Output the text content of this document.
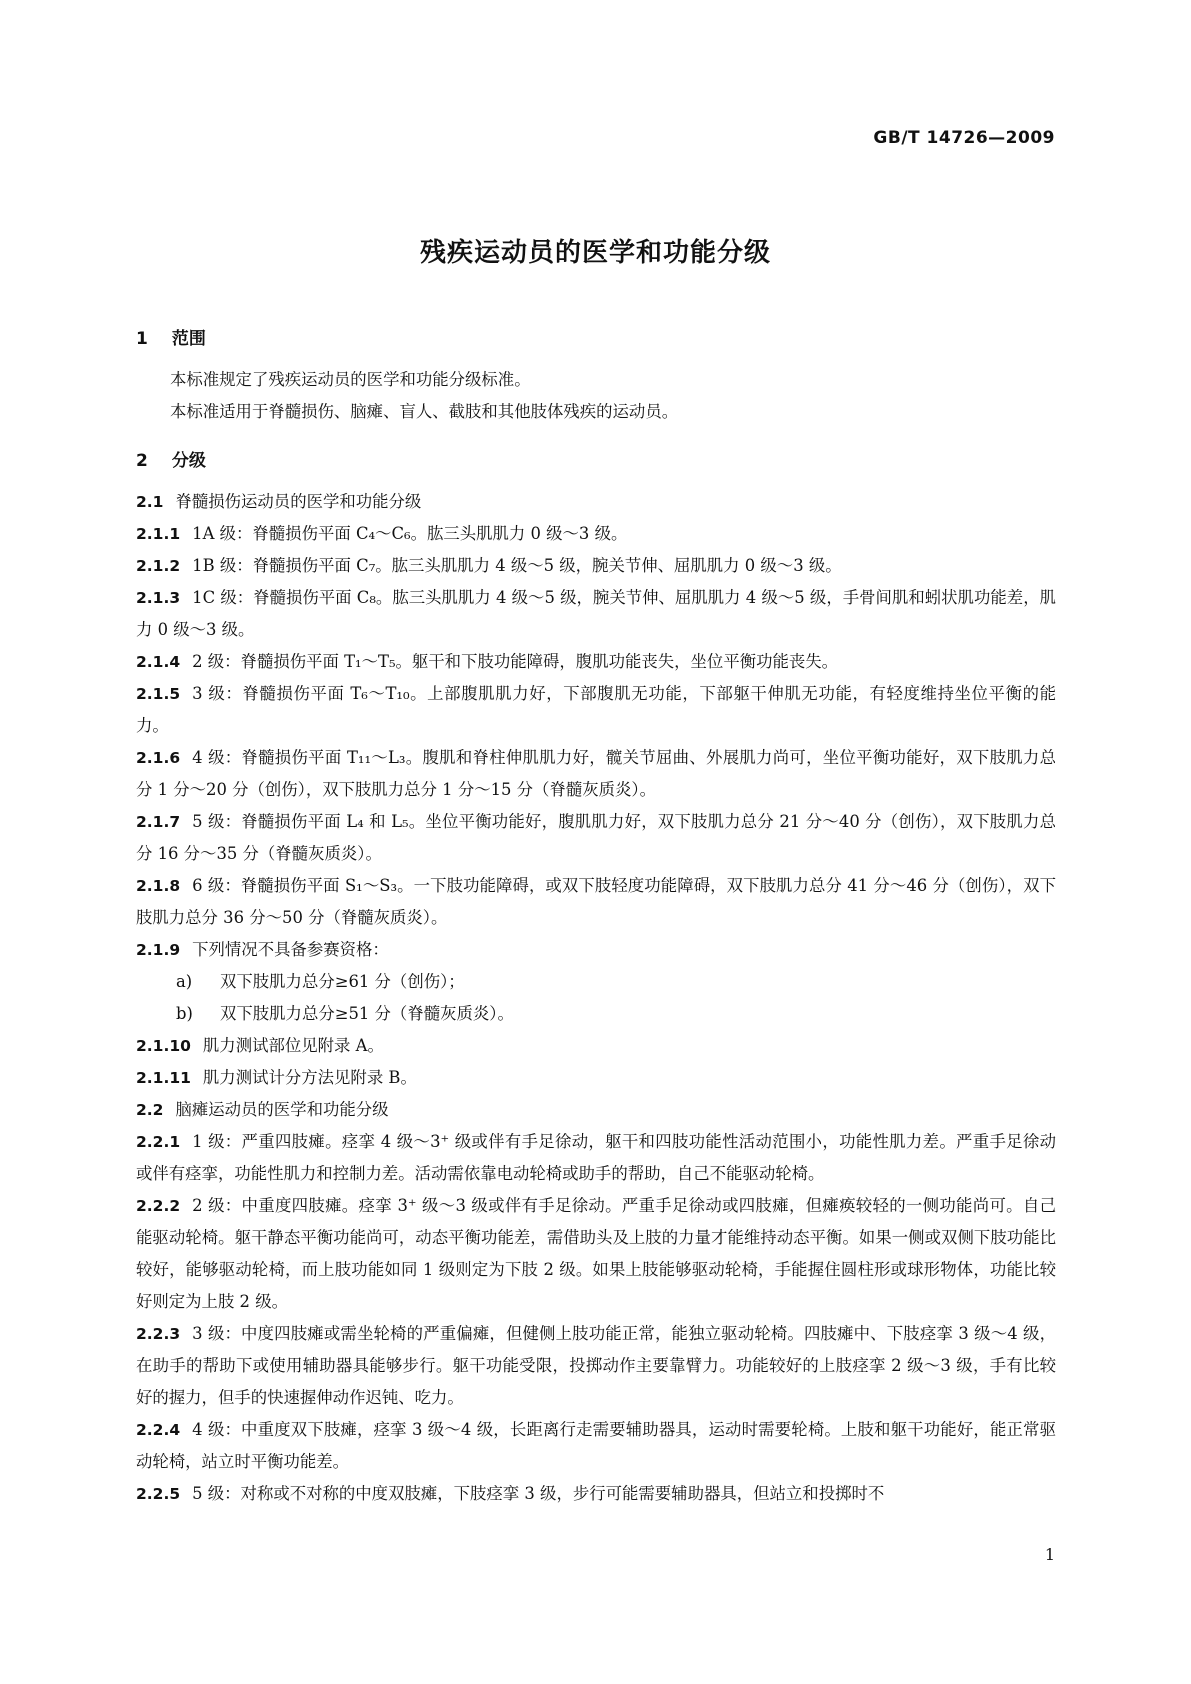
GB/T 14726—2009
残疾运动员的医学和功能分级
1 范围

本标准规定了残疾运动员的医学和功能分级标准。

本标准适用于脊髓损伤、脑瘫、盲人、截肢和其他肢体残疾的运动员。

2 分级

2.1 脊髓损伤运动员的医学和功能分级

2.1.1 1A 级：脊髓损伤平面 C₄～C₆。肱三头肌肌力 0 级～3 级。

2.1.2 1B 级：脊髓损伤平面 C₇。肱三头肌肌力 4 级～5 级，腕关节伸、屈肌肌力 0 级～3 级。

2.1.3 1C 级：脊髓损伤平面 C₈。肱三头肌肌力 4 级～5 级，腕关节伸、屈肌肌力 4 级～5 级，手骨间肌和蚓状肌功能差，肌力 0 级～3 级。

2.1.4 2 级：脊髓损伤平面 T₁～T₅。躯干和下肢功能障碍，腹肌功能丧失，坐位平衡功能丧失。

2.1.5 3 级：脊髓损伤平面 T₆～T₁₀。上部腹肌肌力好，下部腹肌无功能，下部躯干伸肌无功能，有轻度维持坐位平衡的能力。

2.1.6 4 级：脊髓损伤平面 T₁₁～L₃。腹肌和脊柱伸肌肌力好，髋关节屈曲、外展肌力尚可，坐位平衡功能好，双下肢肌力总分 1 分～20 分（创伤），双下肢肌力总分 1 分～15 分（脊髓灰质炎）。

2.1.7 5 级：脊髓损伤平面 L₄ 和 L₅。坐位平衡功能好，腹肌肌力好，双下肢肌力总分 21 分～40 分（创伤），双下肢肌力总分 16 分～35 分（脊髓灰质炎）。

2.1.8 6 级：脊髓损伤平面 S₁～S₃。一下肢功能障碍，或双下肢轻度功能障碍，双下肢肌力总分 41 分～46 分（创伤），双下肢肌力总分 36 分～50 分（脊髓灰质炎）。

2.1.9 下列情况不具备参赛资格：

a) 双下肢肌力总分≥61 分（创伤）；

b) 双下肢肌力总分≥51 分（脊髓灰质炎）。

2.1.10 肌力测试部位见附录 A。

2.1.11 肌力测试计分方法见附录 B。

2.2 脑瘫运动员的医学和功能分级

2.2.1 1 级：严重四肢瘫。痉挛 4 级～3⁺ 级或伴有手足徐动，躯干和四肢功能性活动范围小，功能性肌力差。严重手足徐动或伴有痉挛，功能性肌力和控制力差。活动需依靠电动轮椅或助手的帮助，自己不能驱动轮椅。

2.2.2 2 级：中重度四肢瘫。痉挛 3⁺ 级～3 级或伴有手足徐动。严重手足徐动或四肢瘫，但瘫痪较轻的一侧功能尚可。自己能驱动轮椅。躯干静态平衡功能尚可，动态平衡功能差，需借助头及上肢的力量才能维持动态平衡。如果一侧或双侧下肢功能比较好，能够驱动轮椅，而上肢功能如同 1 级则定为下肢 2 级。如果上肢能够驱动轮椅，手能握住圆柱形或球形物体，功能比较好则定为上肢 2 级。

2.2.3 3 级：中度四肢瘫或需坐轮椅的严重偏瘫，但健侧上肢功能正常，能独立驱动轮椅。四肢瘫中、下肢痉挛 3 级～4 级，在助手的帮助下或使用辅助器具能够步行。躯干功能受限，投掷动作主要靠臂力。功能较好的上肢痉挛 2 级～3 级，手有比较好的握力，但手的快速握伸动作迟钝、吃力。

2.2.4 4 级：中重度双下肢瘫，痉挛 3 级～4 级，长距离行走需要辅助器具，运动时需要轮椅。上肢和躯干功能好，能正常驱动轮椅，站立时平衡功能差。

2.2.5 5 级：对称或不对称的中度双肢瘫，下肢痉挛 3 级，步行可能需要辅助器具，但站立和投掷时不

1
